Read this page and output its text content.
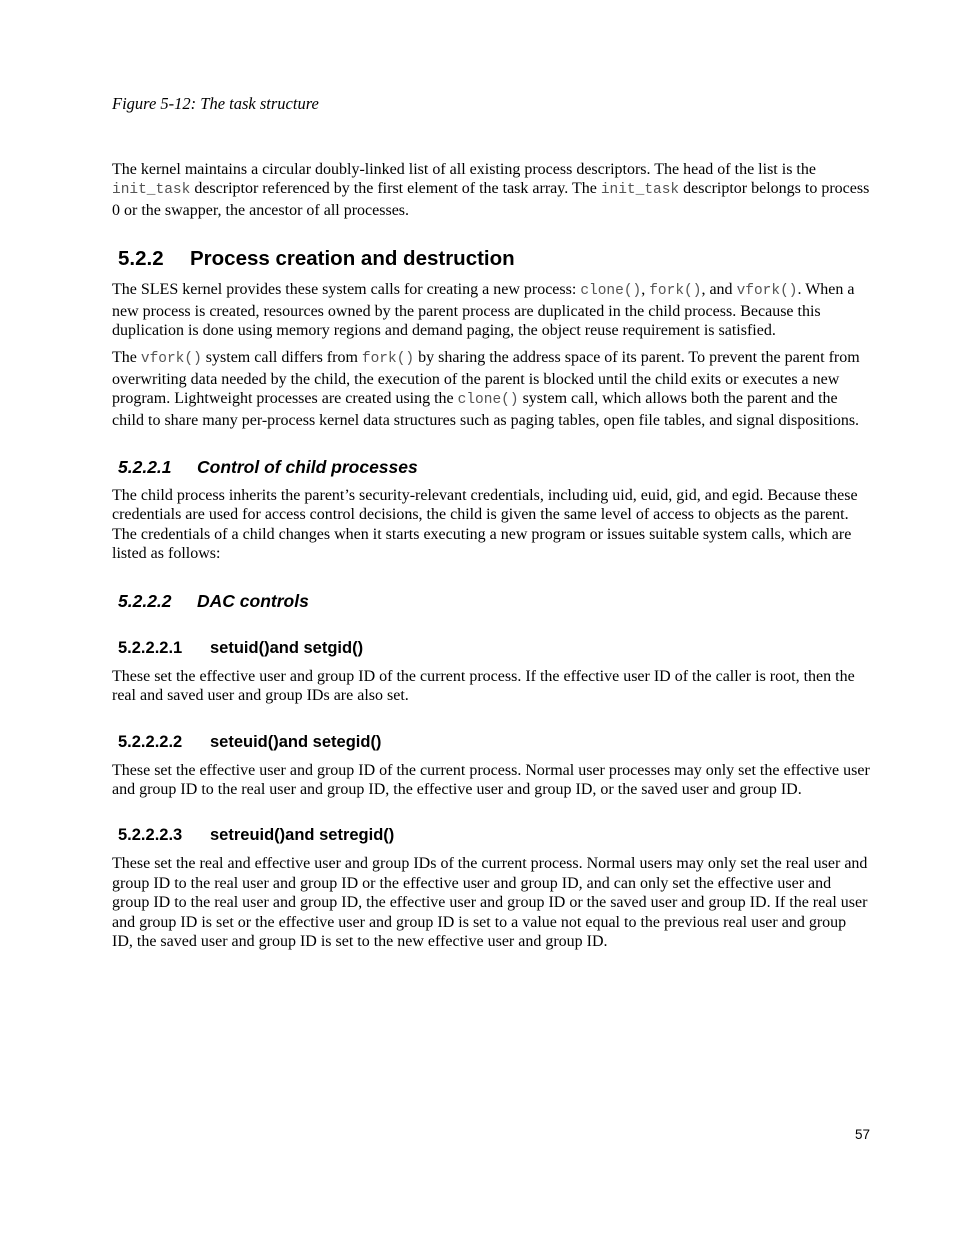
Figure 5-12: The task structure

The kernel maintains a circular doubly-linked list of all existing process descriptors. The head of the list is the init_task descriptor referenced by the first element of the task array. The init_task descriptor belongs to process 0 or the swapper, the ancestor of all processes.

5.2.2 Process creation and destruction

The SLES kernel provides these system calls for creating a new process: clone(), fork(), and vfork(). When a new process is created, resources owned by the parent process are duplicated in the child process. Because this duplication is done using memory regions and demand paging, the object reuse requirement is satisfied.

The vfork() system call differs from fork() by sharing the address space of its parent. To prevent the parent from overwriting data needed by the child, the execution of the parent is blocked until the child exits or executes a new program. Lightweight processes are created using the clone() system call, which allows both the parent and the child to share many per-process kernel data structures such as paging tables, open file tables, and signal dispositions.

5.2.2.1 Control of child processes

The child process inherits the parent’s security-relevant credentials, including uid, euid, gid, and egid. Because these credentials are used for access control decisions, the child is given the same level of access to objects as the parent. The credentials of a child changes when it starts executing a new program or issues suitable system calls, which are listed as follows:

5.2.2.2 DAC controls
5.2.2.2.1 setuid()and setgid()

These set the effective user and group ID of the current process. If the effective user ID of the caller is root, then the real and saved user and group IDs are also set.

5.2.2.2.2 seteuid()and setegid()

These set the effective user and group ID of the current process. Normal user processes may only set the effective user and group ID to the real user and group ID, the effective user and group ID, or the saved user and group ID.

5.2.2.2.3 setreuid()and setregid()

These set the real and effective user and group IDs of the current process. Normal users may only set the real user and group ID to the real user and group ID or the effective user and group ID, and can only set the effective user and group ID to the real user and group ID, the effective user and group ID or the saved user and group ID. If the real user and group ID is set or the effective user and group ID is set to a value not equal to the previous real user and group ID, the saved user and group ID is set to the new effective user and group ID.

57
